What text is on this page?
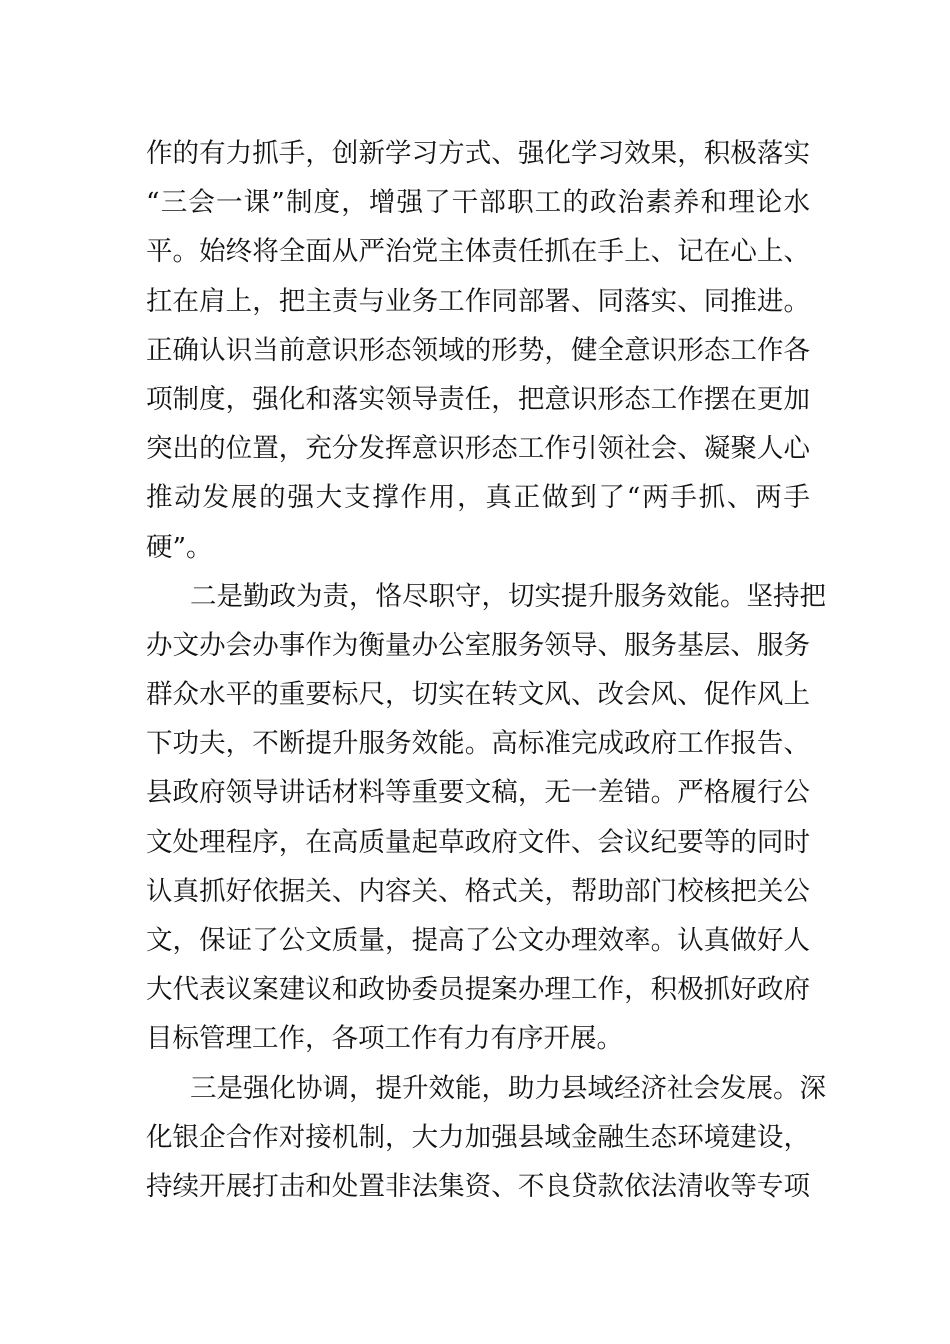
作的有力抓手，创新学习方式、强化学习效果，积极落实
“三会一课”制度，增强了干部职工的政治素养和理论水
平。始终将全面从严治党主体责任抓在手上、记在心上、
扛在肩上，把主责与业务工作同部署、同落实、同推进。
正确认识当前意识形态领域的形势，健全意识形态工作各
项制度，强化和落实领导责任，把意识形态工作摆在更加
突出的位置，充分发挥意识形态工作引领社会、凝聚人心
推动发展的强大支撑作用，真正做到了“两手抓、两手
硬”。
二是勤政为责，恪尽职守，切实提升服务效能。坚持把
办文办会办事作为衡量办公室服务领导、服务基层、服务
群众水平的重要标尺，切实在转文风、改会风、促作风上
下功夫，不断提升服务效能。高标准完成政府工作报告、
县政府领导讲话材料等重要文稿，无一差错。严格履行公
文处理程序，在高质量起草政府文件、会议纪要等的同时
认真抓好依据关、内容关、格式关，帮助部门校核把关公
文，保证了公文质量，提高了公文办理效率。认真做好人
大代表议案建议和政协委员提案办理工作，积极抓好政府
目标管理工作，各项工作有力有序开展。
三是强化协调，提升效能，助力县域经济社会发展。深
化银企合作对接机制，大力加强县域金融生态环境建设，
持续开展打击和处置非法集资、不良贷款依法清收等专项
